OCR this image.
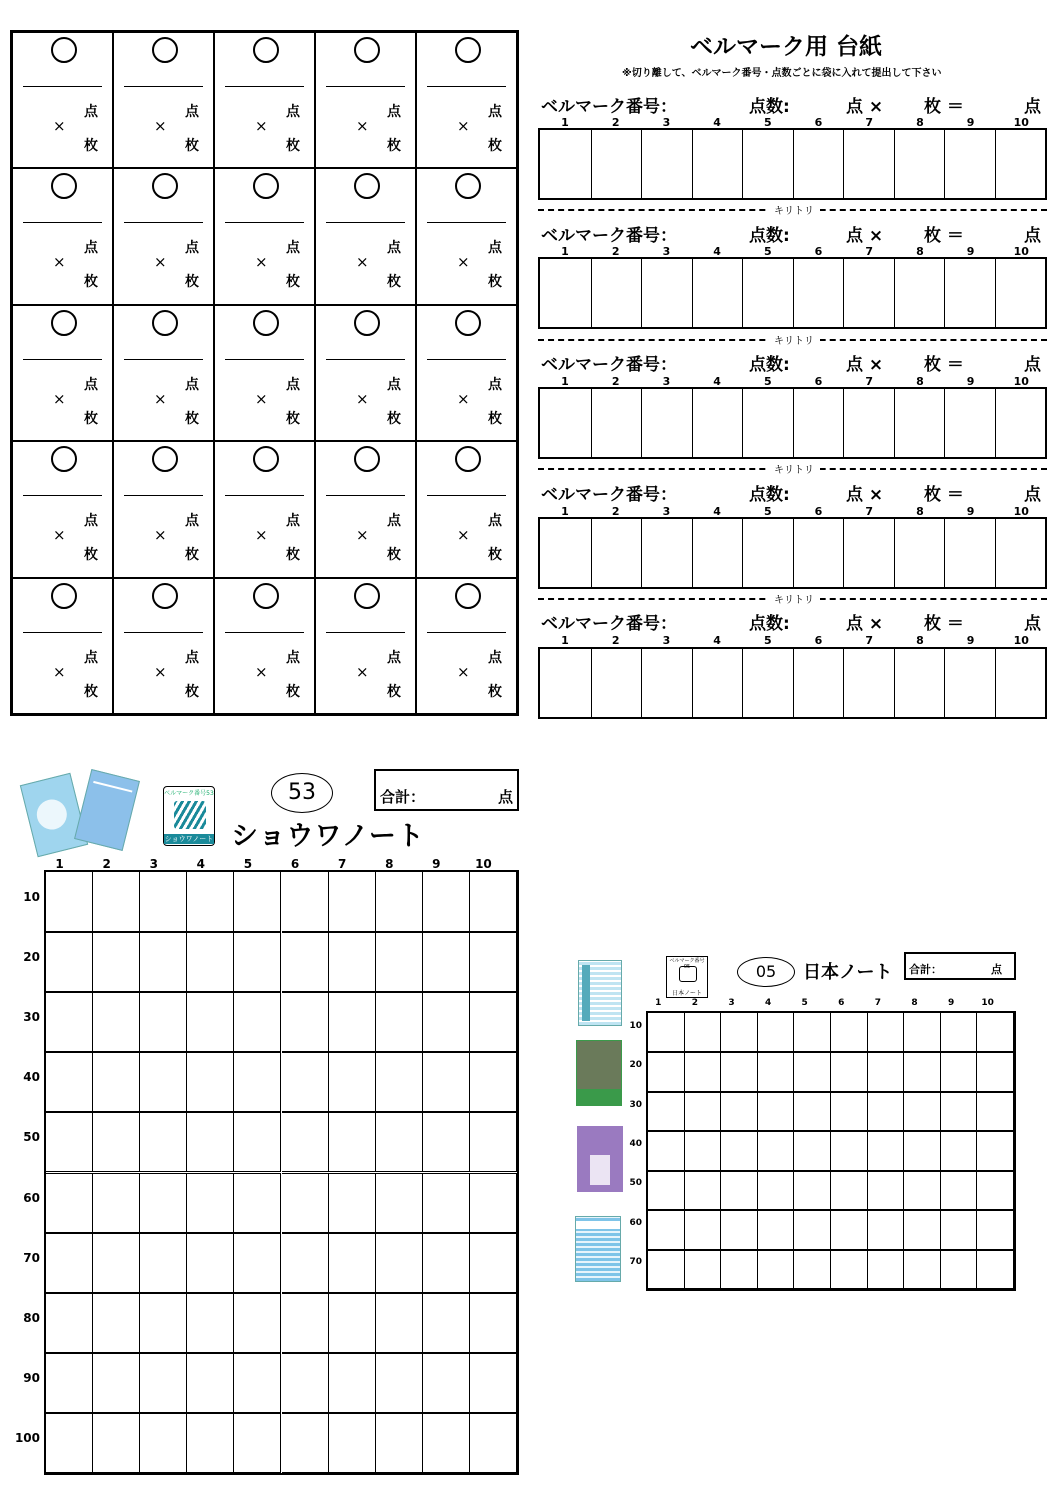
×
点
枚
×
点
枚
×
点
枚
×
点
枚
×
点
枚
×
点
枚
×
点
枚
×
点
枚
×
点
枚
×
点
枚
×
点
枚
×
点
枚
×
点
枚
×
点
枚
×
点
枚
×
点
枚
×
点
枚
×
点
枚
×
点
枚
×
点
枚
×
点
枚
×
点
枚
×
点
枚
×
点
枚
×
点
枚
ベルマーク用 台紙
※切り離して、ベルマーク番号・点数ごとに袋に入れて提出して下さい
ベルマーク番号：	点数:	点 × 枚 ＝	点
1	2	3	4	5	6	7	8	9	10
ベルマーク番号：	点数:	点 × 枚 ＝	点
1	2	3	4	5	6	7	8	9	10
ベルマーク番号：	点数:	点 × 枚 ＝	点
1	2	3	4	5	6	7	8	9	10
ベルマーク番号：	点数:	点 × 枚 ＝	点
1	2	3	4	5	6	7	8	9	10
ベルマーク番号：	点数:	点 × 枚 ＝	点
1	2	3	4	5	6	7	8	9	10
キリトリ
キリトリ
キリトリ
キリトリ
ベルマーク番号53
ショウワノート
53
ショウワノート
合計：	点
1	2	3	4	5	6	7	8	9	10
10
20
30
40
50
60
70
80
90
100
ベルマーク番号 05
日本ノート
05	日本ノート 合計：	点
1	2	3	4	5	6	7	8	9	10
10
20
30
40
50
60
70
